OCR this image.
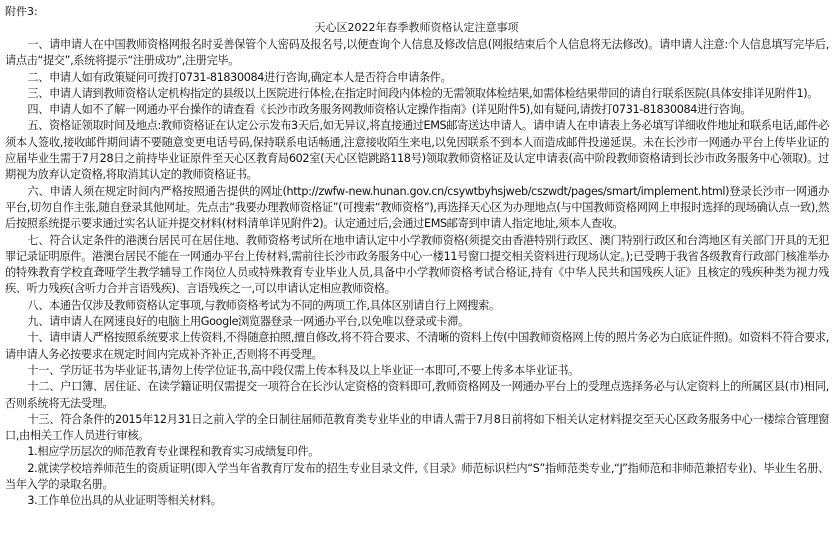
附件3:
天心区2022年春季教师资格认定注意事项

一、请申请人在中国教师资格网报名时妥善保管个人密码及报名号,以便查询个人信息及修改信息(网报结束后个人信息将无法修改)。请申请人注意:个人信息填写完毕后,请点击“提交”,系统将提示“注册成功”,注册完毕。

二、申请人如有政策疑问可拨打0731-81830084进行咨询,确定本人是否符合申请条件。

三、申请人请到教师资格认定机构指定的县级以上医院进行体检,在指定时间段内体检的无需领取体检结果,如需体检结果带回的请自行联系医院(具体安排详见附件1)。

四、申请人如不了解一网通办平台操作的请查看《长沙市政务服务网教师资格认定操作指南》(详见附件5),如有疑问,请拨打0731-81830084进行咨询。

五、资格证领取时间及地点:教师资格证在认定公示发布3天后,如无异议,将直接通过EMS邮寄送达申请人。请申请人在申请表上务必填写详细收件地址和联系电话,邮件必须本人签收,接收邮件期间请不要随意变更电话号码,保持联系电话畅通,注意接收陌生来电,以免因联系不到本人而造成邮件投递延误。未在长沙市一网通办平台上传毕业证的应届毕业生需于7月28日之前持毕业证原件至天心区教育局602室(天心区铠跳路118号)领取教师资格证及认定申请表(高中阶段教师资格请到长沙市政务服务中心领取)。过期视为放弃认定资格,将取消其认定的教师资格证书。

六、申请人须在规定时间内严格按照通告提供的网址(http://zwfw-new.hunan.gov.cn/csywtbyhsjweb/cszwdt/pages/smart/implement.html)登录长沙市一网通办平台,切勿自作主张,随自登录其他网址。先点击“我要办理教师资格证”(可搜索“教师资格”),再选择天心区为办理地点(与中国教师资格网网上申报时选择的现场确认点一致),然后按照系统提示要求通过实名认证并提交材料(材料清单详见附件2)。认定通过后,会通过EMS邮寄到申请人指定地址,须本人查收。

七、符合认定条件的港澳台居民可在居住地、教师资格考试所在地申请认定中小学教师资格(须提交由香港特别行政区、澳门特别行政区和台湾地区有关部门开具的无犯罪记录证明原件。港澳台居民不能在一网通办平台上传材料,需前往长沙市政务服务中心一楼11号窗口提交相关资料进行现场认定。);已受聘于我省各级教育行政部门核准举办的特殊教育学校直聋哑学生教学辅导工作岗位人员或特殊教育专业毕业人员,具备中小学教师资格考试合格证,持有《中华人民共和国残疾人证》且核定的残疾种类为视力残疾、听力残疾(含听力合并言语残疾)、言语残疾之一,可以申请认定相应教师资格。

八、本通告仅涉及教师资格认定事项,与教师资格考试为不同的两项工作,具体区别请自行上网搜索。

九、请申请人在网速良好的电脑上用Google浏览器登录一网通办平台,以免唯以登录或卡滞。

十、请申请人严格按照系统要求上传资料,不得随意拍照,擅自修改,将不符合要求、不清晰的资料上传(中国教师资格网上传的照片务必为白底证件照)。如资料不符合要求,请申请人务必按要求在规定时间内完成补齐补正,否则将不再受理。

十一、学历证书为毕业证书,请勿上传学位证书,高中段仅需上传本科及以上毕业证一本即可,不要上传多本毕业证书。

十二、户口簿、居住证、在读学籍证明仅需提交一项符合在长沙认定资格的资料即可,教师资格网及一网通办平台上的受理点选择务必与认定资料上的所属区县(市)相同,否则系统将无法受理。

十三、符合条件的2015年12月31日之前入学的全日制往届师范教育类专业毕业的申请人需于7月8日前将如下相关认定材料提交至天心区政务服务中心一楼综合管理窗口,由相关工作人员进行审核。

1.相应学历层次的师范教育专业课程和教育实习成绩复印件。

2.就读学校培养师范生的资质证明(即入学当年省教育厅发布的招生专业目录文件,《目录》师范标识栏内“S”指师范类专业,“J”指师范和非师范兼招专业)、毕业生名册、当年入学的录取名册。

3.工作单位出具的从业证明等相关材料。
